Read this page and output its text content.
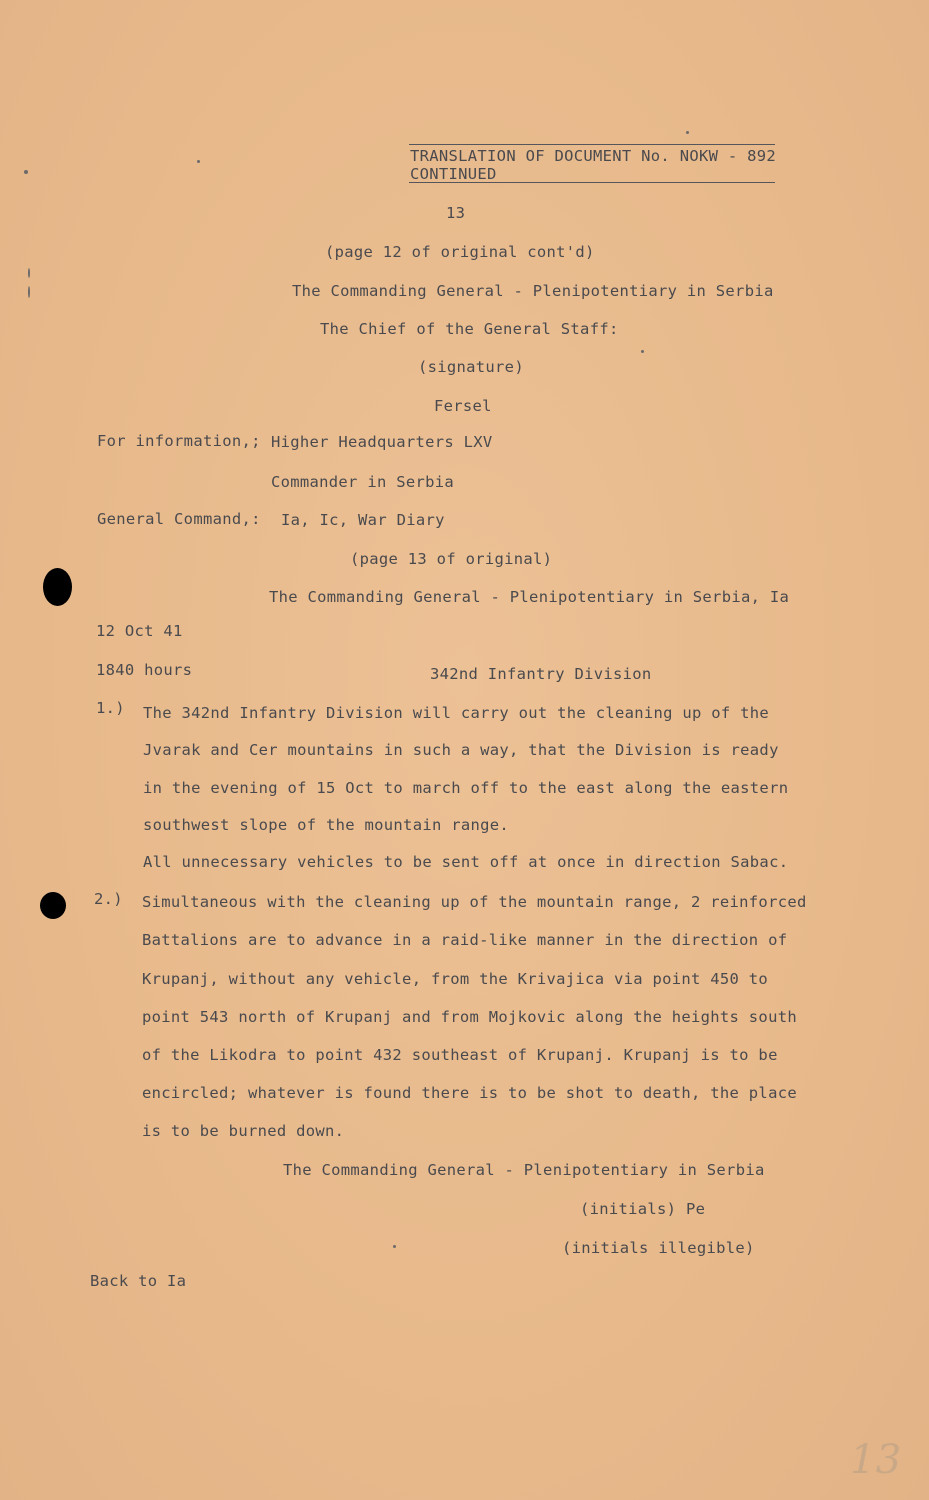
TRANSLATION OF DOCUMENT No. NOKW - 892
CONTINUED
13
(page 12 of original cont'd)
The Commanding General - Plenipotentiary in Serbia
The Chief of the General Staff:
(signature)
Fersel
For information,; Higher Headquarters LXV
Commander in Serbia
General Command,: Ia, Ic, War Diary
(page 13 of original)
The Commanding General - Plenipotentiary in Serbia, Ia
12 Oct 41
1840 hours	342nd Infantry Division
1.) The 342nd Infantry Division will carry out the cleaning up of the
Jvarak and Cer mountains in such a way, that the Division is ready
in the evening of 15 Oct to march off to the east along the eastern
southwest slope of the mountain range.
All unnecessary vehicles to be sent off at once in direction Sabac.
2.) Simultaneous with the cleaning up of the mountain range, 2 reinforced
Battalions are to advance in a raid-like manner in the direction of
Krupanj, without any vehicle, from the Krivajica via point 450 to
point 543 north of Krupanj and from Mojkovic along the heights south
of the Likodra to point 432 southeast of Krupanj. Krupanj is to be
encircled; whatever is found there is to be shot to death, the place
is to be burned down.
The Commanding General - Plenipotentiary in Serbia
(initials) Pe
(initials illegible)
Back to Ia
13
